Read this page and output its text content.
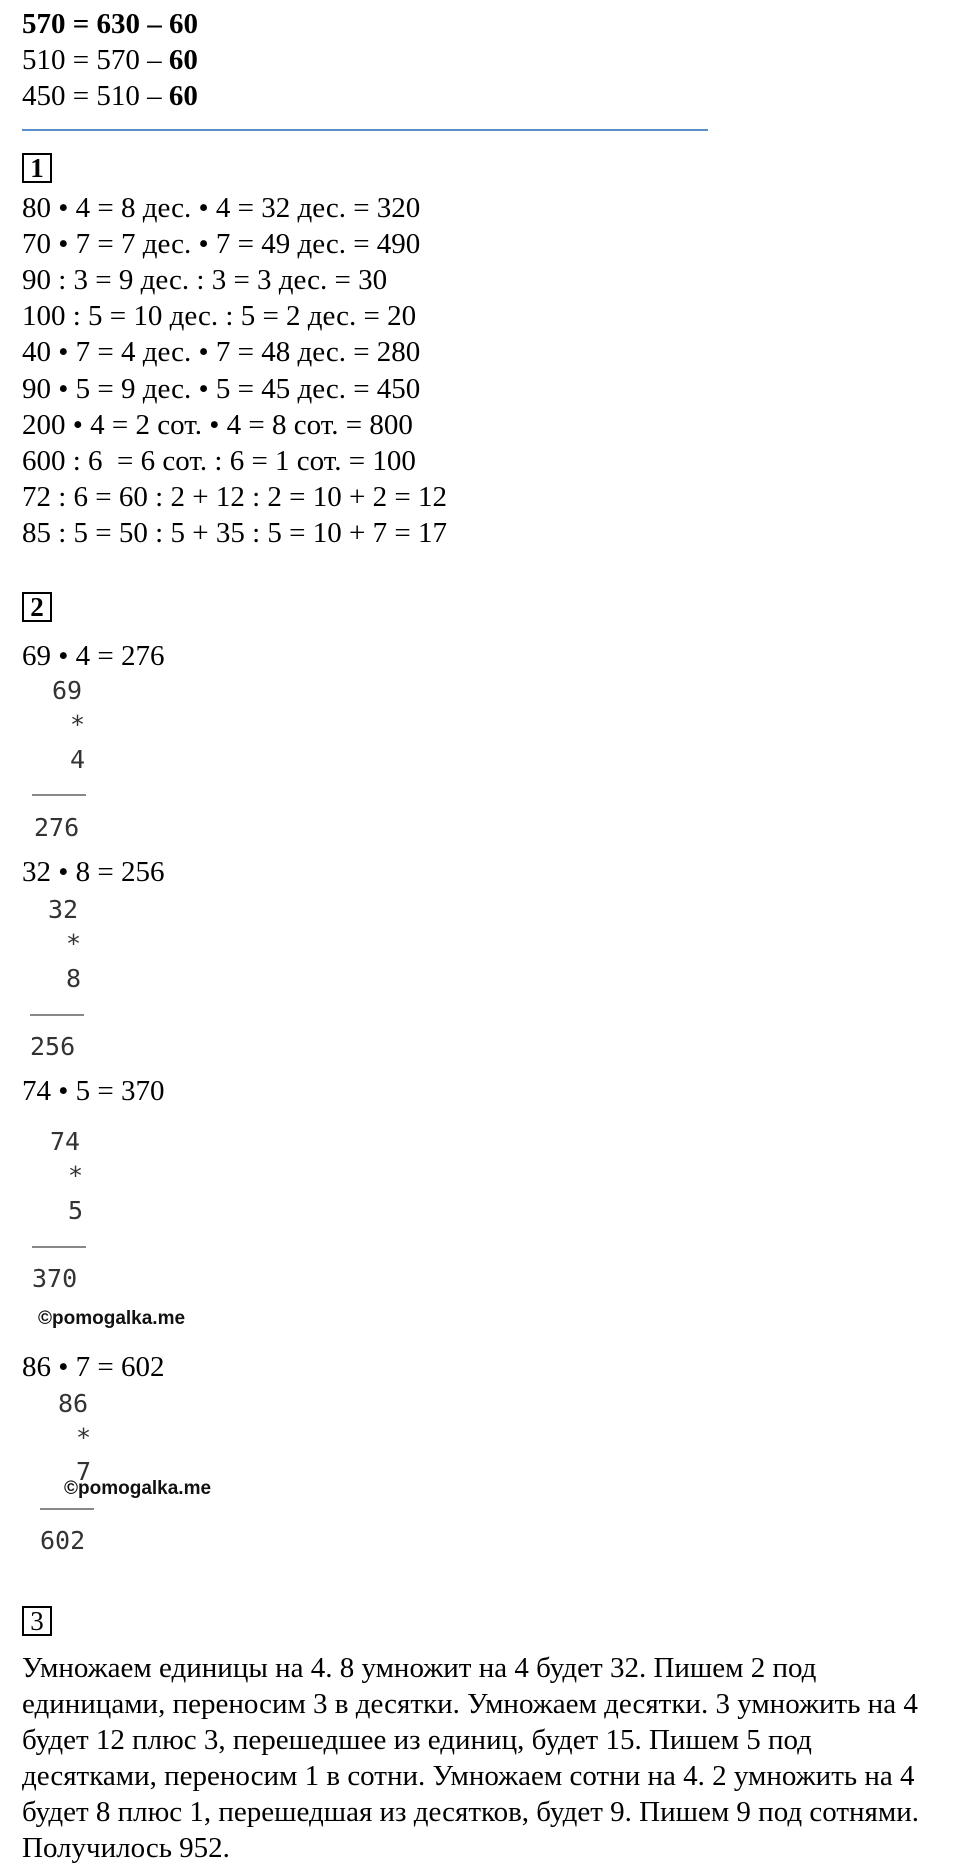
570 = 630 – 60
510 = 570 – 60
450 = 510 – 60
1
80 • 4 = 8 дес. • 4 = 32 дес. = 320
70 • 7 = 7 дес. • 7 = 49 дес. = 490
90 : 3 = 9 дес. : 3 = 3 дес. = 30
100 : 5 = 10 дес. : 5 = 2 дес. = 20
40 • 7 = 4 дес. • 7 = 48 дес. = 280
90 • 5 = 9 дес. • 5 = 45 дес. = 450
200 • 4 = 2 сот. • 4 = 8 сот. = 800
600 : 6  = 6 сот. : 6 = 1 сот. = 100
72 : 6 = 60 : 2 + 12 : 2 = 10 + 2 = 12
85 : 5 = 50 : 5 + 35 : 5 = 10 + 7 = 17
2
69 • 4 = 276
69
*
4
276
32 • 8 = 256
32
*
8
256
74 • 5 = 370
74
*
5
370
©pomogalka.me
86 • 7 = 602
86
*
7
©pomogalka.me
602
3
Умножаем единицы на 4. 8 умножит на 4 будет 32. Пишем 2 под единицами, переносим 3 в десятки. Умножаем десятки. 3 умножить на 4 будет 12 плюс 3, перешедшее из единиц, будет 15. Пишем 5 под десятками, переносим 1 в сотни. Умножаем сотни на 4. 2 умножить на 4 будет 8 плюс 1, перешедшая из десятков, будет 9. Пишем 9 под сотнями. Получилось 952.
